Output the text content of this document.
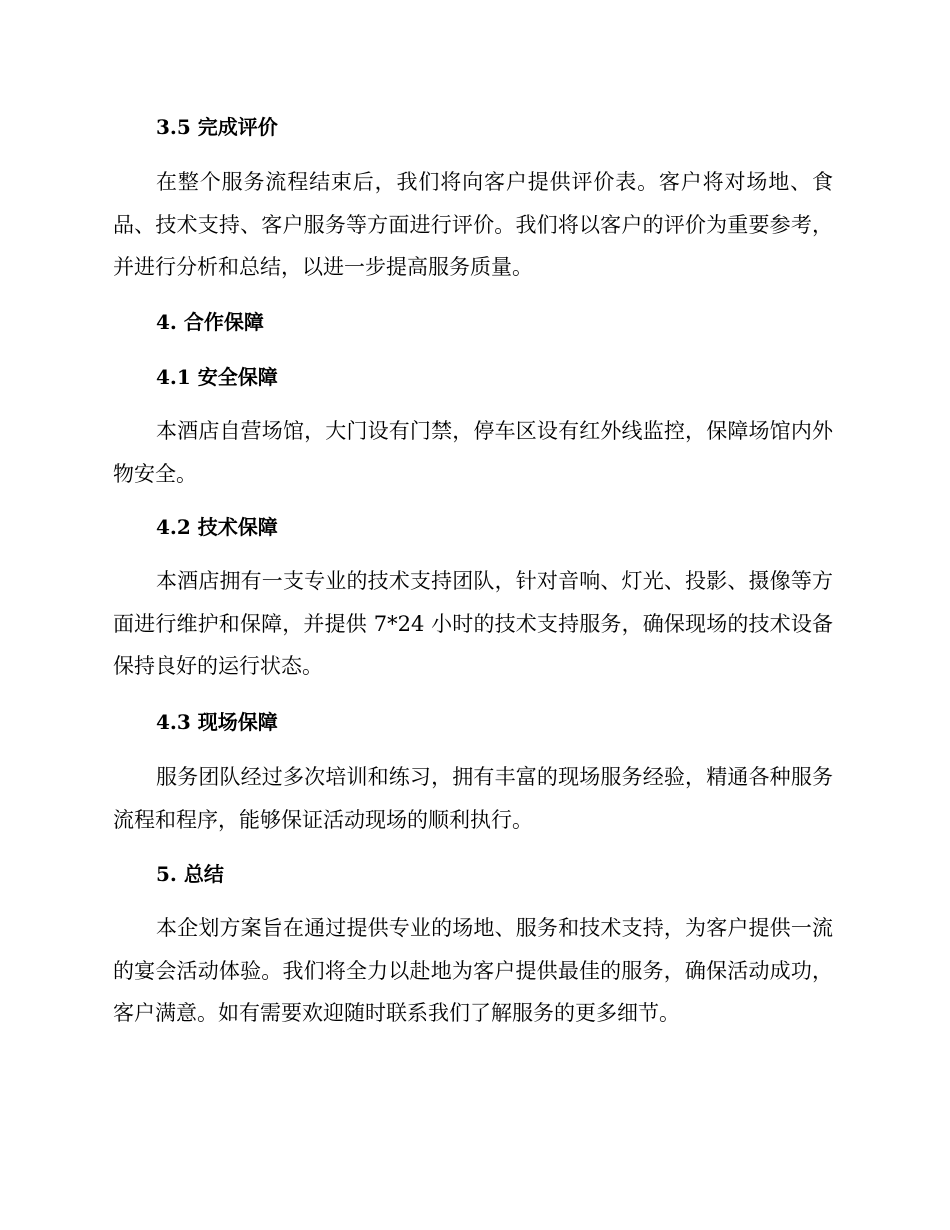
3.5 完成评价

在整个服务流程结束后，我们将向客户提供评价表。客户将对场地、食品、技术支持、客户服务等方面进行评价。我们将以客户的评价为重要参考，并进行分析和总结，以进一步提高服务质量。

4. 合作保障
4.1 安全保障

本酒店自营场馆，大门设有门禁，停车区设有红外线监控，保障场馆内外物安全。

4.2 技术保障

本酒店拥有一支专业的技术支持团队，针对音响、灯光、投影、摄像等方面进行维护和保障，并提供 7*24 小时的技术支持服务，确保现场的技术设备保持良好的运行状态。

4.3 现场保障

服务团队经过多次培训和练习，拥有丰富的现场服务经验，精通各种服务流程和程序，能够保证活动现场的顺利执行。

5. 总结

本企划方案旨在通过提供专业的场地、服务和技术支持，为客户提供一流的宴会活动体验。我们将全力以赴地为客户提供最佳的服务，确保活动成功，客户满意。如有需要欢迎随时联系我们了解服务的更多细节。
